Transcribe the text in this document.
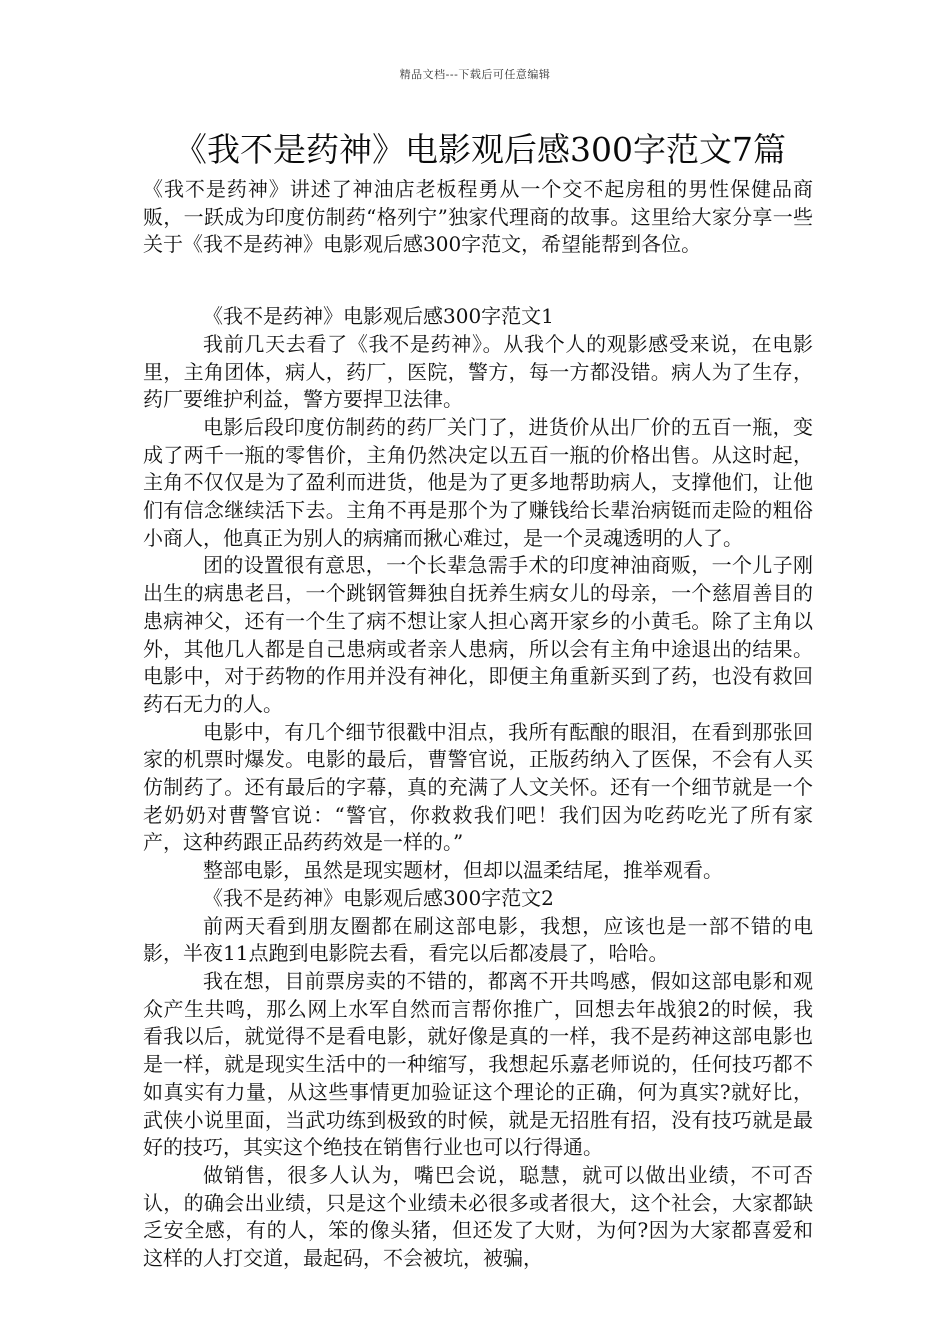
精品文档---下载后可任意编辑
《我不是药神》电影观后感300字范文7篇

《我不是药神》讲述了神油店老板程勇从一个交不起房租的男性保健品商贩，一跃成为印度仿制药“格列宁”独家代理商的故事。这里给大家分享一些关于《我不是药神》电影观后感300字范文，希望能帮到各位。

《我不是药神》电影观后感300字范文1

我前几天去看了《我不是药神》。从我个人的观影感受来说，在电影里，主角团体，病人，药厂，医院，警方，每一方都没错。病人为了生存，药厂要维护利益，警方要捍卫法律。

电影后段印度仿制药的药厂关门了，进货价从出厂价的五百一瓶，变成了两千一瓶的零售价，主角仍然决定以五百一瓶的价格出售。从这时起，主角不仅仅是为了盈利而进货，他是为了更多地帮助病人，支撑他们，让他们有信念继续活下去。主角不再是那个为了赚钱给长辈治病铤而走险的粗俗小商人，他真正为别人的病痛而揪心难过，是一个灵魂透明的人了。

团的设置很有意思，一个长辈急需手术的印度神油商贩，一个儿子刚出生的病患老吕，一个跳钢管舞独自抚养生病女儿的母亲，一个慈眉善目的患病神父，还有一个生了病不想让家人担心离开家乡的小黄毛。除了主角以外，其他几人都是自己患病或者亲人患病，所以会有主角中途退出的结果。电影中，对于药物的作用并没有神化，即便主角重新买到了药，也没有救回药石无力的人。

电影中，有几个细节很戳中泪点，我所有酝酿的眼泪，在看到那张回家的机票时爆发。电影的最后，曹警官说，正版药纳入了医保，不会有人买仿制药了。还有最后的字幕，真的充满了人文关怀。还有一个细节就是一个老奶奶对曹警官说：“警官，你救救我们吧！我们因为吃药吃光了所有家产，这种药跟正品药药效是一样的。”

整部电影，虽然是现实题材，但却以温柔结尾，推举观看。

《我不是药神》电影观后感300字范文2

前两天看到朋友圈都在刷这部电影，我想，应该也是一部不错的电影，半夜11点跑到电影院去看，看完以后都凌晨了，哈哈。

我在想，目前票房卖的不错的，都离不开共鸣感，假如这部电影和观众产生共鸣，那么网上水军自然而言帮你推广，回想去年战狼2的时候，我看我以后，就觉得不是看电影，就好像是真的一样，我不是药神这部电影也是一样，就是现实生活中的一种缩写，我想起乐嘉老师说的，任何技巧都不如真实有力量，从这些事情更加验证这个理论的正确，何为真实?就好比，武侠小说里面，当武功练到极致的时候，就是无招胜有招，没有技巧就是最好的技巧，其实这个绝技在销售行业也可以行得通。

做销售，很多人认为，嘴巴会说，聪慧，就可以做出业绩，不可否认，的确会出业绩，只是这个业绩未必很多或者很大，这个社会，大家都缺乏安全感，有的人，笨的像头猪，但还发了大财，为何?因为大家都喜爱和这样的人打交道，最起码，不会被坑，被骗，
